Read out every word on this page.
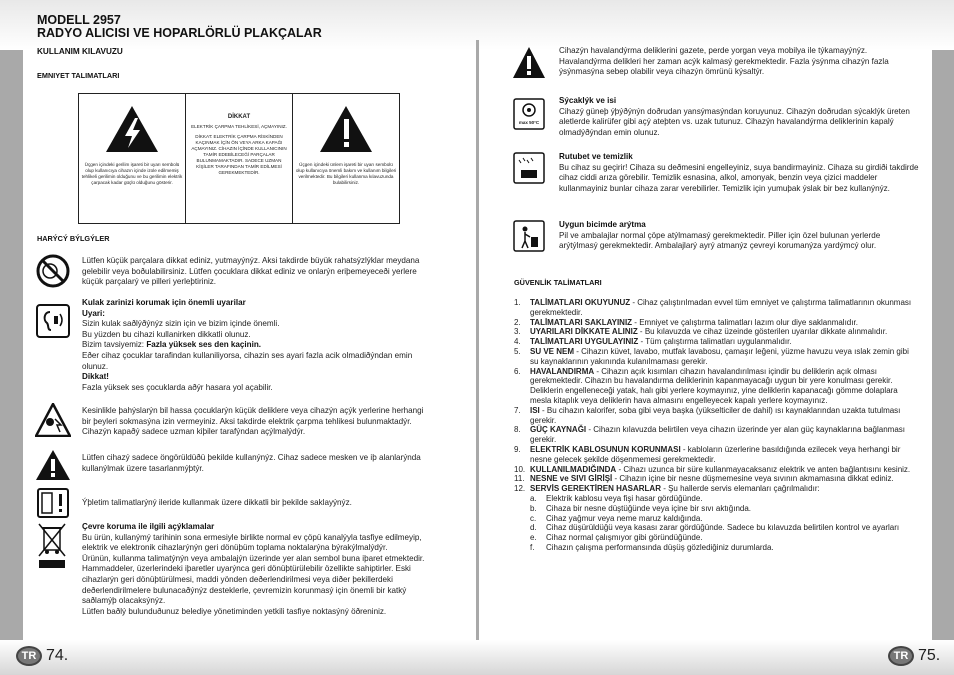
MODELL 2957
RADYO ALICISI VE HOPARLÖRLÜ PLAKÇALAR
KULLANIM KILAVUZU
EMNIYET TALIMATLARI
Üçgen içindeki gerilim işareti bir uyarı sembolü olup kullanıcıya cihazın içinde izole edilmemiş tehlikeli gerilimin olduğunu ve bu gerilimin elektrik çarpacak kadar güçlü olduğunu gösterir.
DİKKAT
ELEKTRİK ÇARPMA TEHLİKESİ, AÇMAYINIZ.
DİKKAT: ELEKTRİK ÇARPMA RİSKİNDEN KAÇINMAK İÇİN ÖN VEYA ARKA KAPAĞI AÇMAYINIZ. CİHAZIN İÇİNDE KULLANICININ TAMİR EDEBİLECEĞİ PARÇALAR BULUNMAMAKTADIR. SADECE UZMAN KİŞİLER TARAFINDAN TAMİR EDİLMESİ GEREKMEKTEDİR.
Üçgen içindeki ünlem işareti bir uyarı sembolü olup kullanıcıya önemli bakım ve kullanım bilgileri verilmektedir. Bu bilgileri kullanma kılavuzunda bulabilirsiniz.
HARÝCÝ BÝLGÝLER
Lütfen küçük parçalara dikkat ediniz, yutmayýnýz. Aksi takdirde büyük rahatsýzlýklar meydana gelebilir veya boðulabilirsiniz. Lütfen çocuklara dikkat ediniz ve onlarýn eriþemeyeceði yerlere küçük parçalarý ve pilleri yerleþtiriniz.
Kulak zarinizi korumak için önemli uyarilar
Uyari:
Sizin kulak saðlýðýnýz sizin için ve bizim içinde önemli.
Bu yüzden bu cihazi kullanirken dikkatli olunuz.
Bizim tavsiyemiz: Fazla yüksek ses den kaçinin.
Eðer cihaz çocuklar tarafindan kullaniliyorsa, cihazin ses ayari fazla acik olmadiðýndan emin olunuz.
Dikkat!
Fazla yüksek ses çocuklarda aðýr hasara yol açabilir.
Kesinlikle þahýslarýn bil hassa çocuklarýn küçük deliklere veya cihazýn açýk yerlerine herhangi bir þeyleri sokmasýna izin vermeyiniz. Aksi takdirde elektrik çarpma tehlikesi bulunmaktadýr. Cihazýn kapaðý sadece uzman kiþiler tarafýndan açýlmalýdýr.
Lütfen cihazý sadece öngörüldüðü þekilde kullanýnýz. Cihaz sadece mesken ve iþ alanlarýnda kullanýlmak üzere tasarlanmýþtýr.
Ýþletim talimatlarýný ileride kullanmak üzere dikkatli bir þekilde saklayýnýz.
Çevre koruma ile ilgili açýklamalar
Bu ürün, kullanýmý tarihinin sona ermesiyle birlikte normal ev çöpü kanalýyla tasfiye edilmeyip, elektrik ve elektronik cihazlarýnýn geri dönüþüm toplama noktalarýna býrakýlmalýdýr.
Ürünün, kullanma talimatýnýn veya ambalajýn üzerinde yer alan sembol buna iþaret etmektedir. Hammaddeler, üzerlerindeki iþaretler uyarýnca geri dönüþtürülebilir özellikte sahiptirler. Eski cihazlarýn geri dönüþtürülmesi, maddi yönden deðerlendirilmesi veya diðer þekillerdeki deðerlendirilmelere bulunacaðýnýz desteklerle, çevremizin korunmasý için önemli bir katký saðlamýþ olacaksýnýz.
Lütfen baðlý bulunduðunuz belediye yönetiminden yetkili tasfiye noktasýný öðreniniz.
TR 74.	TR 75.
Cihazýn havalandýrma deliklerini gazete, perde yorgan veya mobilya ile týkamayýnýz. Havalandýrma delikleri her zaman acýk kalmasý gerekmektedir. Fazla ýsýnma cihazýn fazla ýsýnmasýna sebep olabilir veya cihazýn ömrünü kýsaltýr.
max 50°C
Sýcaklýk ve isi
Cihazý güneþ ýþýðýnýn doðrudan yansýmasýndan koruyunuz. Cihazýn doðrudan sýcaklýk üreten aletlerde kalirüfer gibi açý ateþten vs. uzak tutunuz. Cihazýn havalandýrma deliklerinin kapalý olmadýðýndan emin olunuz.
Rutubet ve temizlik
Bu cihaz su geçirir! Cihaza su deðmesini engelleyiniz, suya bandirmayiniz. Cihaza su girdiði takdirde cihaz ciddi arıza görebilir. Temizlik esnasina, alkol, amonyak, benzin veya çizici maddeler kullanmayiniz bunlar cihaza zarar verebilirler. Temizlik için yumuþak ýslak bir bez kullanýnýz.
Uygun bicimde arýtma
Pil ve ambalajlar normal çöpe atýlmamasý gerekmektedir. Piller için özel bulunan yerlerde arýtýlmasý gerekmektedir. Ambalajlarý ayrý atmanýz çevreyi korumanýza yardýmcý olur.
GÜVENLİK TALİMATLARI
1. TALİMATLARI OKUYUNUZ - Cihaz çalıştırılmadan evvel tüm emniyet ve çalıştırma talimatlarının okunması gerekmektedir.
2. TALİMATLARI SAKLAYINIZ - Emniyet ve çalıştırma talimatları lazım olur diye saklanmalıdır.
3. UYARILARI DİKKATE ALINIZ - Bu kılavuzda ve cihaz üzeinde gösterilen uyarılar dikkate alınmalıdır.
4. TALİMATLARI UYGULAYINIZ - Tüm çalıştırma talimatları uygulanmalıdır.
5. SU VE NEM - Cihazın küvet, lavabo, mutfak lavabosu, çamaşır leğeni, yüzme havuzu veya ıslak zemin gibi su kaynaklarının yakınında kulanılmaması gerekir.
6. HAVALANDIRMA - Cihazın açık kısımları cihazın havalandırılması içindir bu deliklerin açık olması gerekmektedir. Cihazın bu havalandırma deliklerinin kapanmayacağı uygun bir yere konulması gerekir. Deliklerin engelleneceği yatak, halı gibi yerlere koymayınız, yine deliklerin kapanacağı gömme dolaplara mesla kitaplık veya deliklerin hava almasını engelleyecek kapalı yerlere koymayınız.
7. ISI - Bu cihazın kalorifer, soba gibi veya başka (yükselticiler de dahil) ısı kaynaklarından uzakta tutulması gerekir.
8. GÜÇ KAYNAĞI - Cihazın kılavuzda belirtilen veya cihazın üzerinde yer alan güç kaynaklarına bağlanması gerekir.
9. ELEKTRİK KABLOSUNUN KORUNMASI - kabloların üzerlerine basıldığında ezilecek veya herhangi bir nesne gelecek şekilde döşenmemesi gerekmektedir.
10. KULLANILMADIĞINDA - Cihazı uzunca bir süre kullanmayacaksanız elektrik ve anten bağlantısını kesiniz.
11. NESNE ve SIVI GİRİŞİ - Cihazın içine bir nesne düşmemesine veya sıvının akmamasına dikkat ediniz.
12. SERVİS GEREKTİREN HASARLAR - Şu hallerde servis elemanları çağrılmalıdır:
a. Elektrik kablosu veya fişi hasar gördüğünde.
b. Cihaza bir nesne düştüğünde veya içine bir sıvı aktığında.
c. Cihaz yağmur veya neme maruz kaldığında.
d. Cihaz düşürüldüğü veya kasası zarar gördüğünde. Sadece bu kılavuzda belirtilen kontrol ve ayarları
e. Cihaz normal çalışmıyor gibi göründüğünde.
f. Cihazın çalışma performansında düşüş gözlediğiniz durumlarda.
